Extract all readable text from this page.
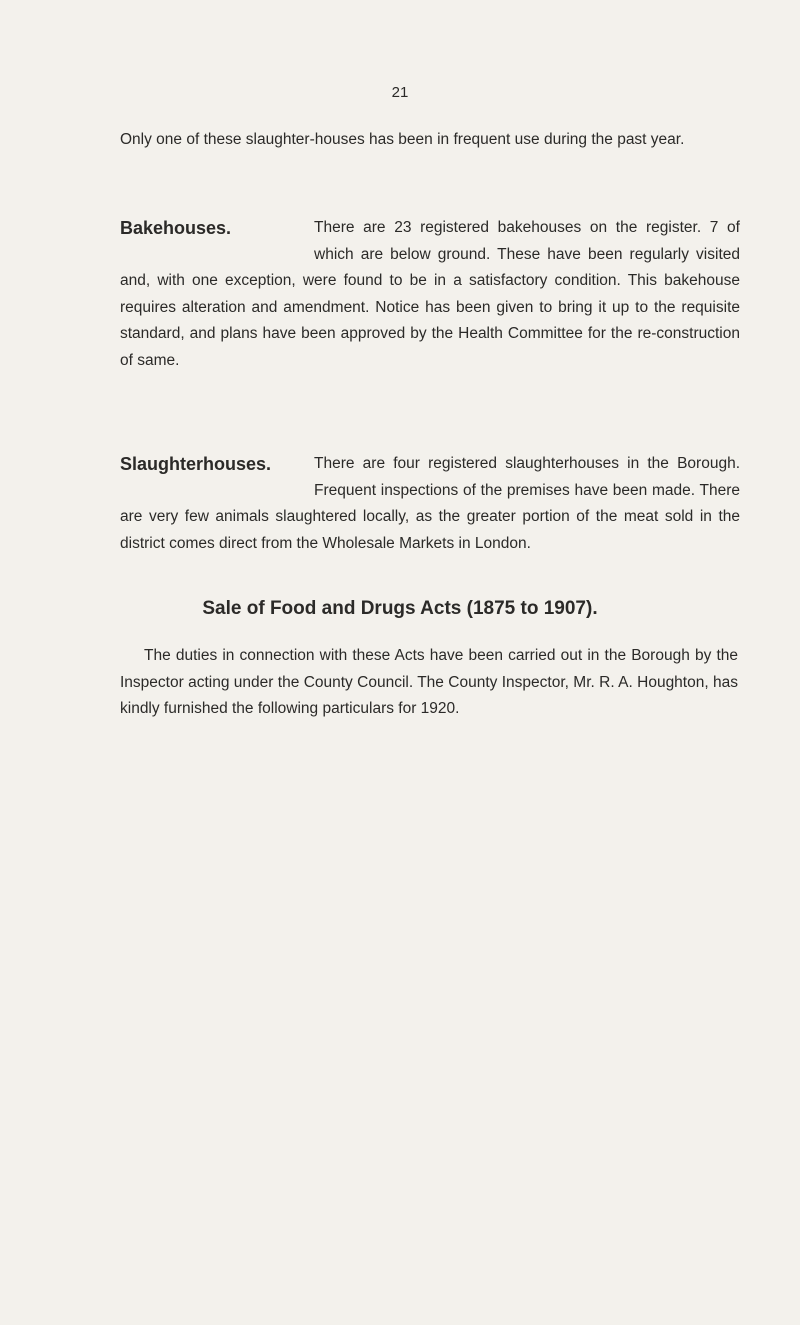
21

Only one of these slaughter-houses has been in frequent use during the past year.

Bakehouses.	There are 23 registered bakehouses on the register. 7 of which are below ground. These have been regularly visited and, with one exception, were found to be in a satisfactory condition. This bakehouse requires alteration and amendment. Notice has been given to bring it up to the requisite standard, and plans have been approved by the Health Committee for the re-construction of same.

Slaughterhouses.	There are four registered slaughterhouses in the Borough. Frequent inspections of the premises have been made. There are very few animals slaughtered locally, as the greater portion of the meat sold in the district comes direct from the Wholesale Markets in London.

Sale of Food and Drugs Acts (1875 to 1907).

The duties in connection with these Acts have been carried out in the Borough by the Inspector acting under the County Council. The County Inspector, Mr. R. A. Houghton, has kindly furnished the following particulars for 1920.
